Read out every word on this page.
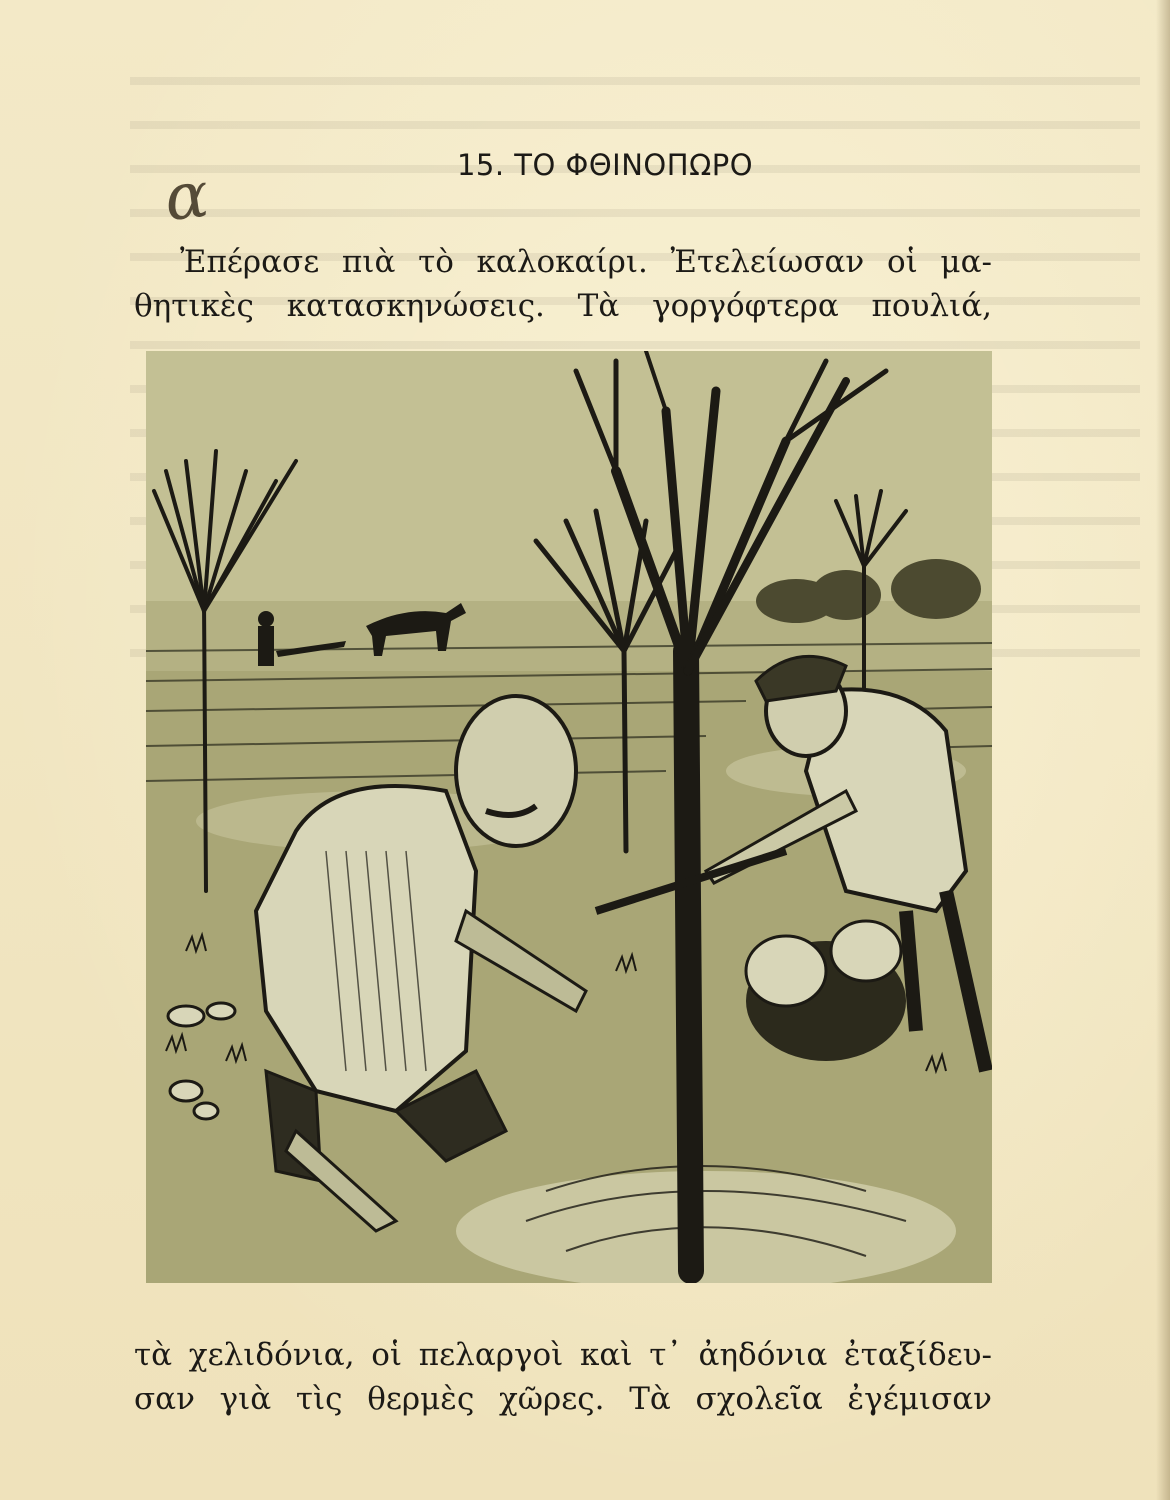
α	15. ΤΟ ΦΘΙΝΟΠΩΡΟ
Ἐπέρασε πιὰ τὸ καλοκαίρι. Ἐτελείωσαν οἱ μα-
θητικὲς κατασκηνώσεις. Τὰ γοργόφτερα πουλιά,
τὰ χελιδόνια, οἱ πελαργοὶ καὶ τ᾿ ἀηδόνια ἐταξίδευ-
σαν γιὰ τὶς θερμὲς χῶρες. Τὰ σχολεῖα ἐγέμισαν
